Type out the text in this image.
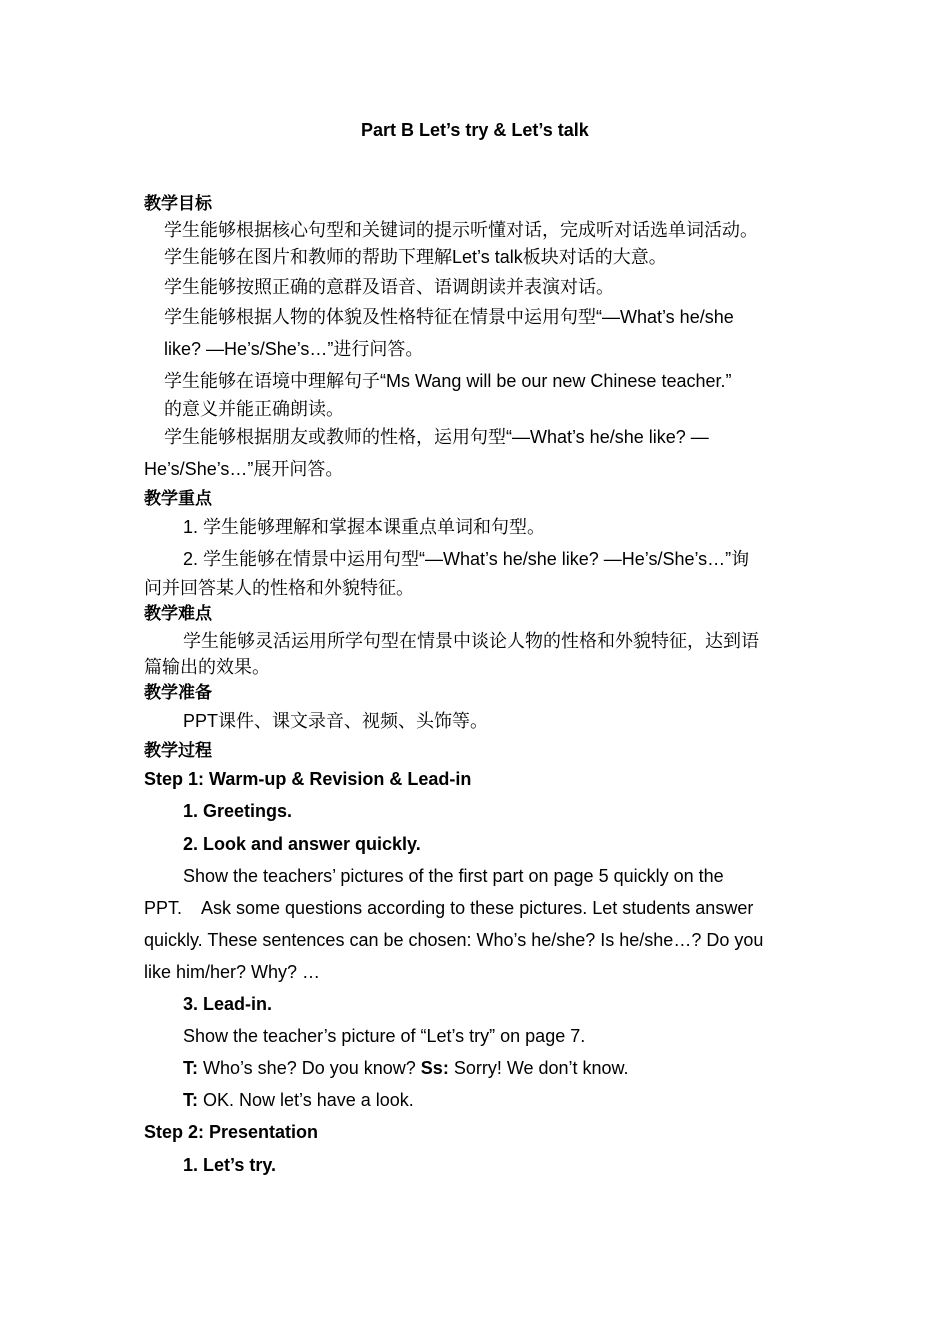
Part B Let’s try & Let’s talk
教学目标
学生能够根据核心句型和关键词的提示听懂对话，完成听对话选单词活动。
学生能够在图片和教师的帮助下理解Let’s talk板块对话的大意。
学生能够按照正确的意群及语音、语调朗读并表演对话。
学生能够根据人物的体貌及性格特征在情景中运用句型“—What’s he/she
like? —He’s/She’s…”进行问答。
学生能够在语境中理解句子“Ms Wang will be our new Chinese teacher.”
的意义并能正确朗读。
学生能够根据朋友或教师的性格，运用句型“—What’s he/she like? —
He’s/She’s…”展开问答。
教学重点
1. 学生能够理解和掌握本课重点单词和句型。
2. 学生能够在情景中运用句型“—What’s he/she like? —He’s/She’s…”询
问并回答某人的性格和外貌特征。
教学难点
学生能够灵活运用所学句型在情景中谈论人物的性格和外貌特征，达到语
篇输出的效果。
教学准备
PPT课件、课文录音、视频、头饰等。
教学过程
Step 1: Warm-up & Revision & Lead-in
1. Greetings.
2. Look and answer quickly.
Show the teachers’ pictures of the first part on page 5 quickly on the
PPT.    Ask some questions according to these pictures. Let students answer
quickly. These sentences can be chosen: Who’s he/she? Is he/she…? Do you
like him/her? Why? …
3. Lead-in.
Show the teacher’s picture of “Let’s try” on page 7.
T: Who’s she? Do you know? Ss: Sorry! We don’t know.
T: OK. Now let’s have a look.
Step 2: Presentation
1. Let’s try.
